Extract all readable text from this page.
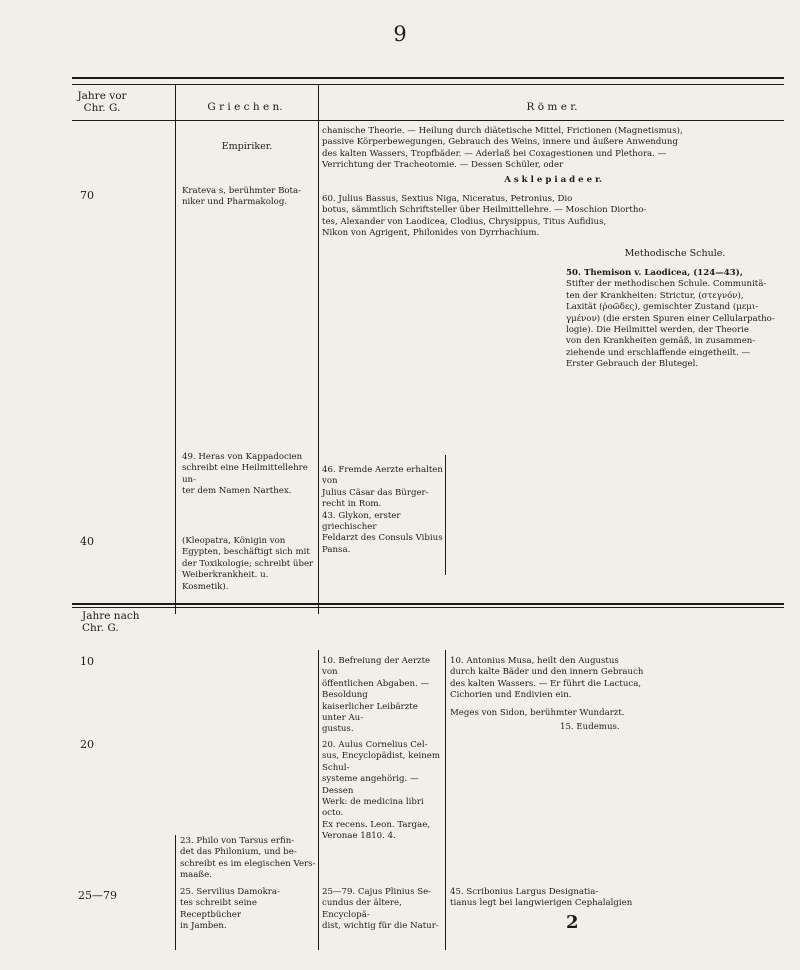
9
Jahre vor
Chr. G.	G r i e c h e n.	R ö m e r.
70
40
Empiriker.

Krateva s, berühmter Bota-

niker und Pharmakolog.

49. Heras von Kappadocien

schreibt eine Heilmittellehre un-

ter dem Namen Narthex.

(Kleopatra, Königin von

Egypten, beschäftigt sich mit

der Toxikologie; schreibt über

Weiberkrankheit. u. Kosmetik).

chanische Theorie. — Heilung durch diätetische Mittel, Frictionen (Magnetismus),

passive Körperbewegungen, Gebrauch des Weins, innere und äußere Anwendung

des kalten Wassers, Tropfbäder. — Aderlaß bei Coxagestionen und Plethora. —

Verrichtung der Tracheotomie. — Dessen Schüler, oder

A s k l e p i a d e e r.

60. Julius Bassus, Sextius Niga, Niceratus, Petronius, Dio

botus, sämmtlich Schriftsteller über Heilmittellehre. — Moschion Diortho-

tes, Alexander von Laodicea, Clodius, Chrysippus, Titus Aufidius,

Nikon von Agrigent, Philonides von Dyrrhachium.

Methodische Schule.

50. Themison v. Laodicea, (124—43),

Stifter der methodischen Schule. Communitä-

ten der Krankheiten: Strictur, (στεγνόν),

Laxität (ῥοῶδες), gemischter Zustand (μεμι-

γμένον) (die ersten Spuren einer Cellularpatho-

logie). Die Heilmittel werden, der Theorie

von den Krankheiten gemäß, in zusammen-

ziehende und erschlaffende eingetheilt. —

Erster Gebrauch der Blutegel.

46. Fremde Aerzte erhalten von

Julius Cäsar das Bürger-

recht in Rom.

43. Glykon, erster griechischer

Feldarzt des Consuls Vibius

Pansa.

Jahre nach
Chr. G.
10
20
25—79

23. Philo von Tarsus erfin-

det das Philonium, und be-

schreibt es im elegischen Vers-

maaße.

25. Servilius Damokra-

tes schreibt seine Receptbücher

in Jamben.

10. Befreiung der Aerzte von

öffentlichen Abgaben. — Besoldung

kaiserlicher Leibärzte unter Au-

gustus.

20. Aulus Cornelius Cel-

sus, Encyclopädist, keinem Schul-

systeme angehörig. — Dessen

Werk: de medicina libri octo.

Ex recens. Leon. Targae,

Veronae 1810. 4.

25—79. Cajus Plinius Se-

cundus der ältere, Encyclopä-

dist, wichtig für die Natur-

10. Antonius Musa, heilt den Augustus

durch kalte Bäder und den innern Gebrauch

des kalten Wassers. — Er führt die Lactuca,

Cichorien und Endivien ein.

Meges von Sidon, berühmter Wundarzt.
15. Eudemus.

45. Scribonius Largus Designatia-

tianus legt bei langwierigen Cephalalgien

2
